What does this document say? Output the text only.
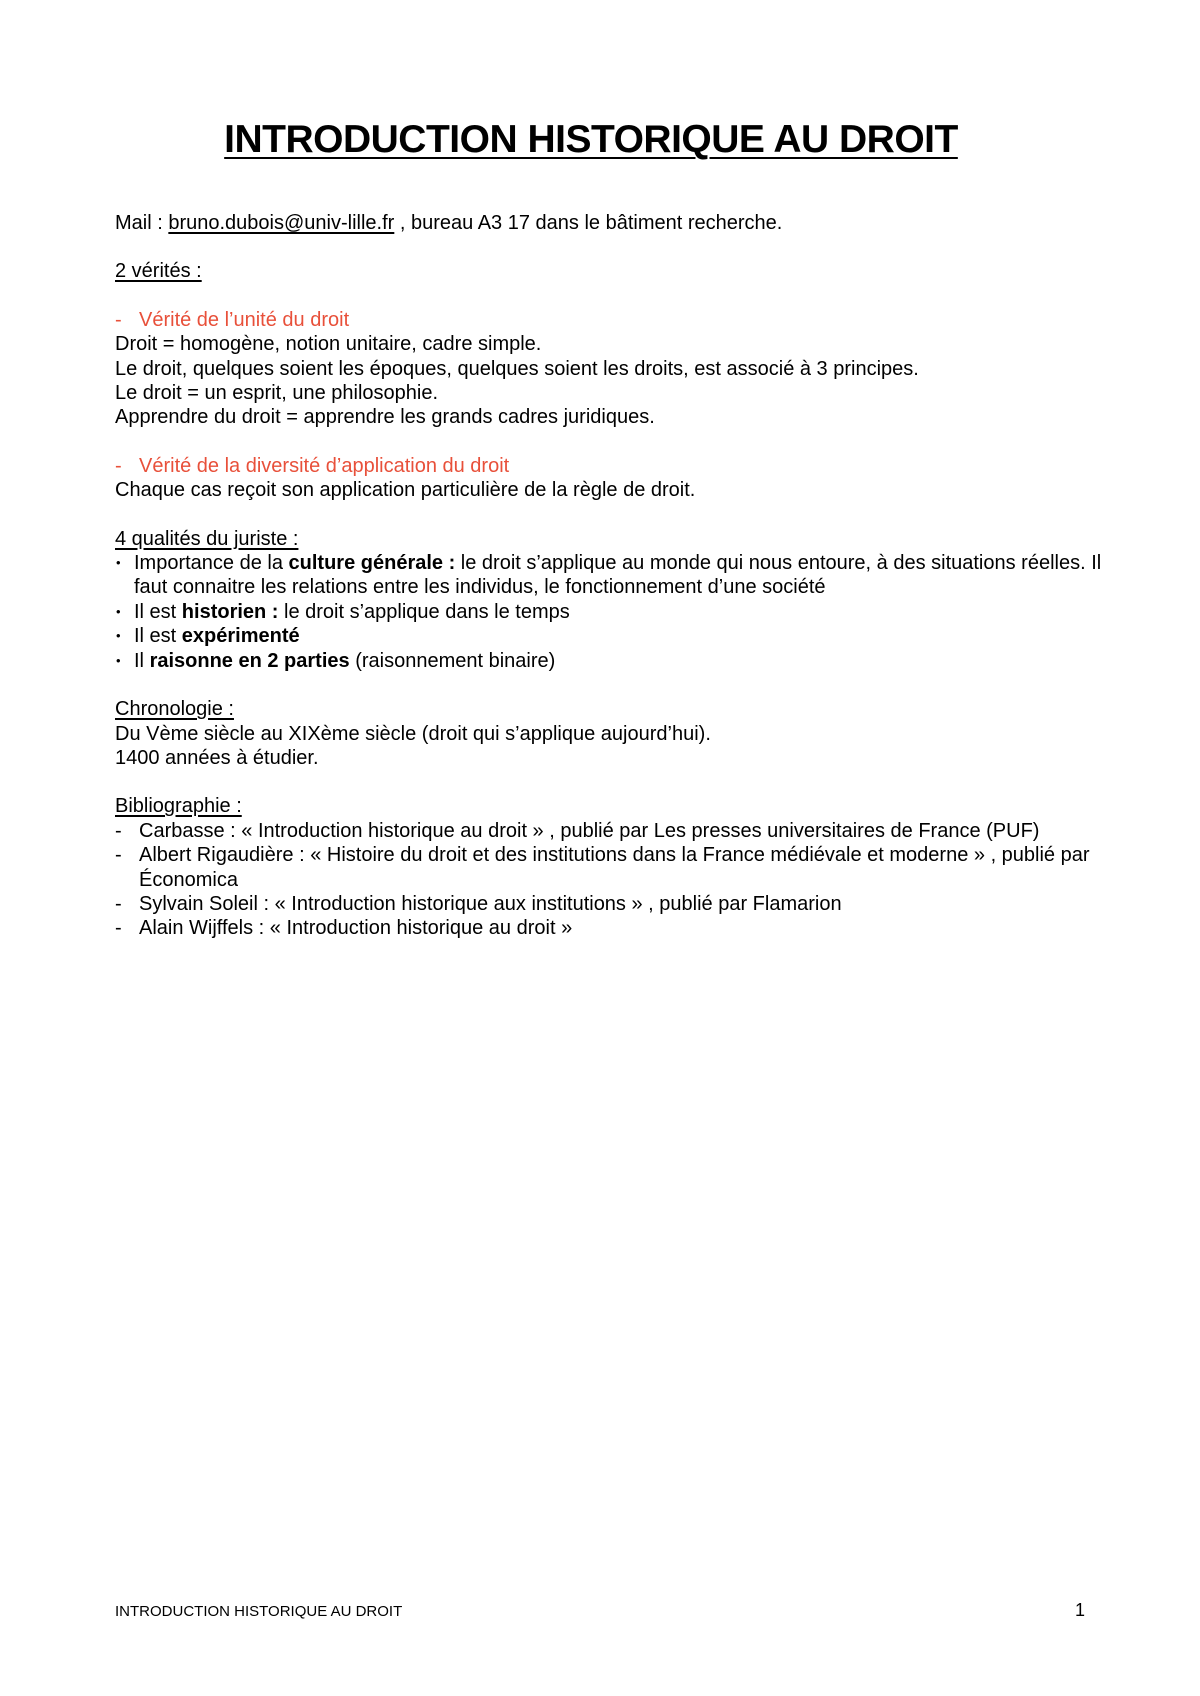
INTRODUCTION HISTORIQUE AU DROIT

Mail : bruno.dubois@univ-lille.fr , bureau A3 17 dans le bâtiment recherche.

2 vérités :

- Vérité de l’unité du droit

Droit = homogène, notion unitaire, cadre simple.

Le droit, quelques soient les époques, quelques soient les droits, est associé à 3 principes.

Le droit = un esprit, une philosophie.

Apprendre du droit = apprendre les grands cadres juridiques.

- Vérité de la diversité d’application du droit

Chaque cas reçoit son application particulière de la règle de droit.

4 qualités du juriste :

• Importance de la culture générale : le droit s’applique au monde qui nous entoure, à des situations réelles. Il faut connaitre les relations entre les individus, le fonctionnement d’une société
• Il est historien : le droit s’applique dans le temps
• Il est expérimenté
• Il raisonne en 2 parties (raisonnement binaire)

Chronologie :

Du Vème siècle au XIXème siècle (droit qui s’applique aujourd’hui).

1400 années à étudier.

Bibliographie :

- Carbasse : « Introduction historique au droit » , publié par Les presses universitaires de France (PUF)
- Albert Rigaudière : « Histoire du droit et des institutions dans la France médiévale et moderne » , publié par Économica
- Sylvain Soleil : « Introduction historique aux institutions » , publié par Flamarion
- Alain Wijffels : « Introduction historique au droit »
INTRODUCTION HISTORIQUE AU DROIT	1
